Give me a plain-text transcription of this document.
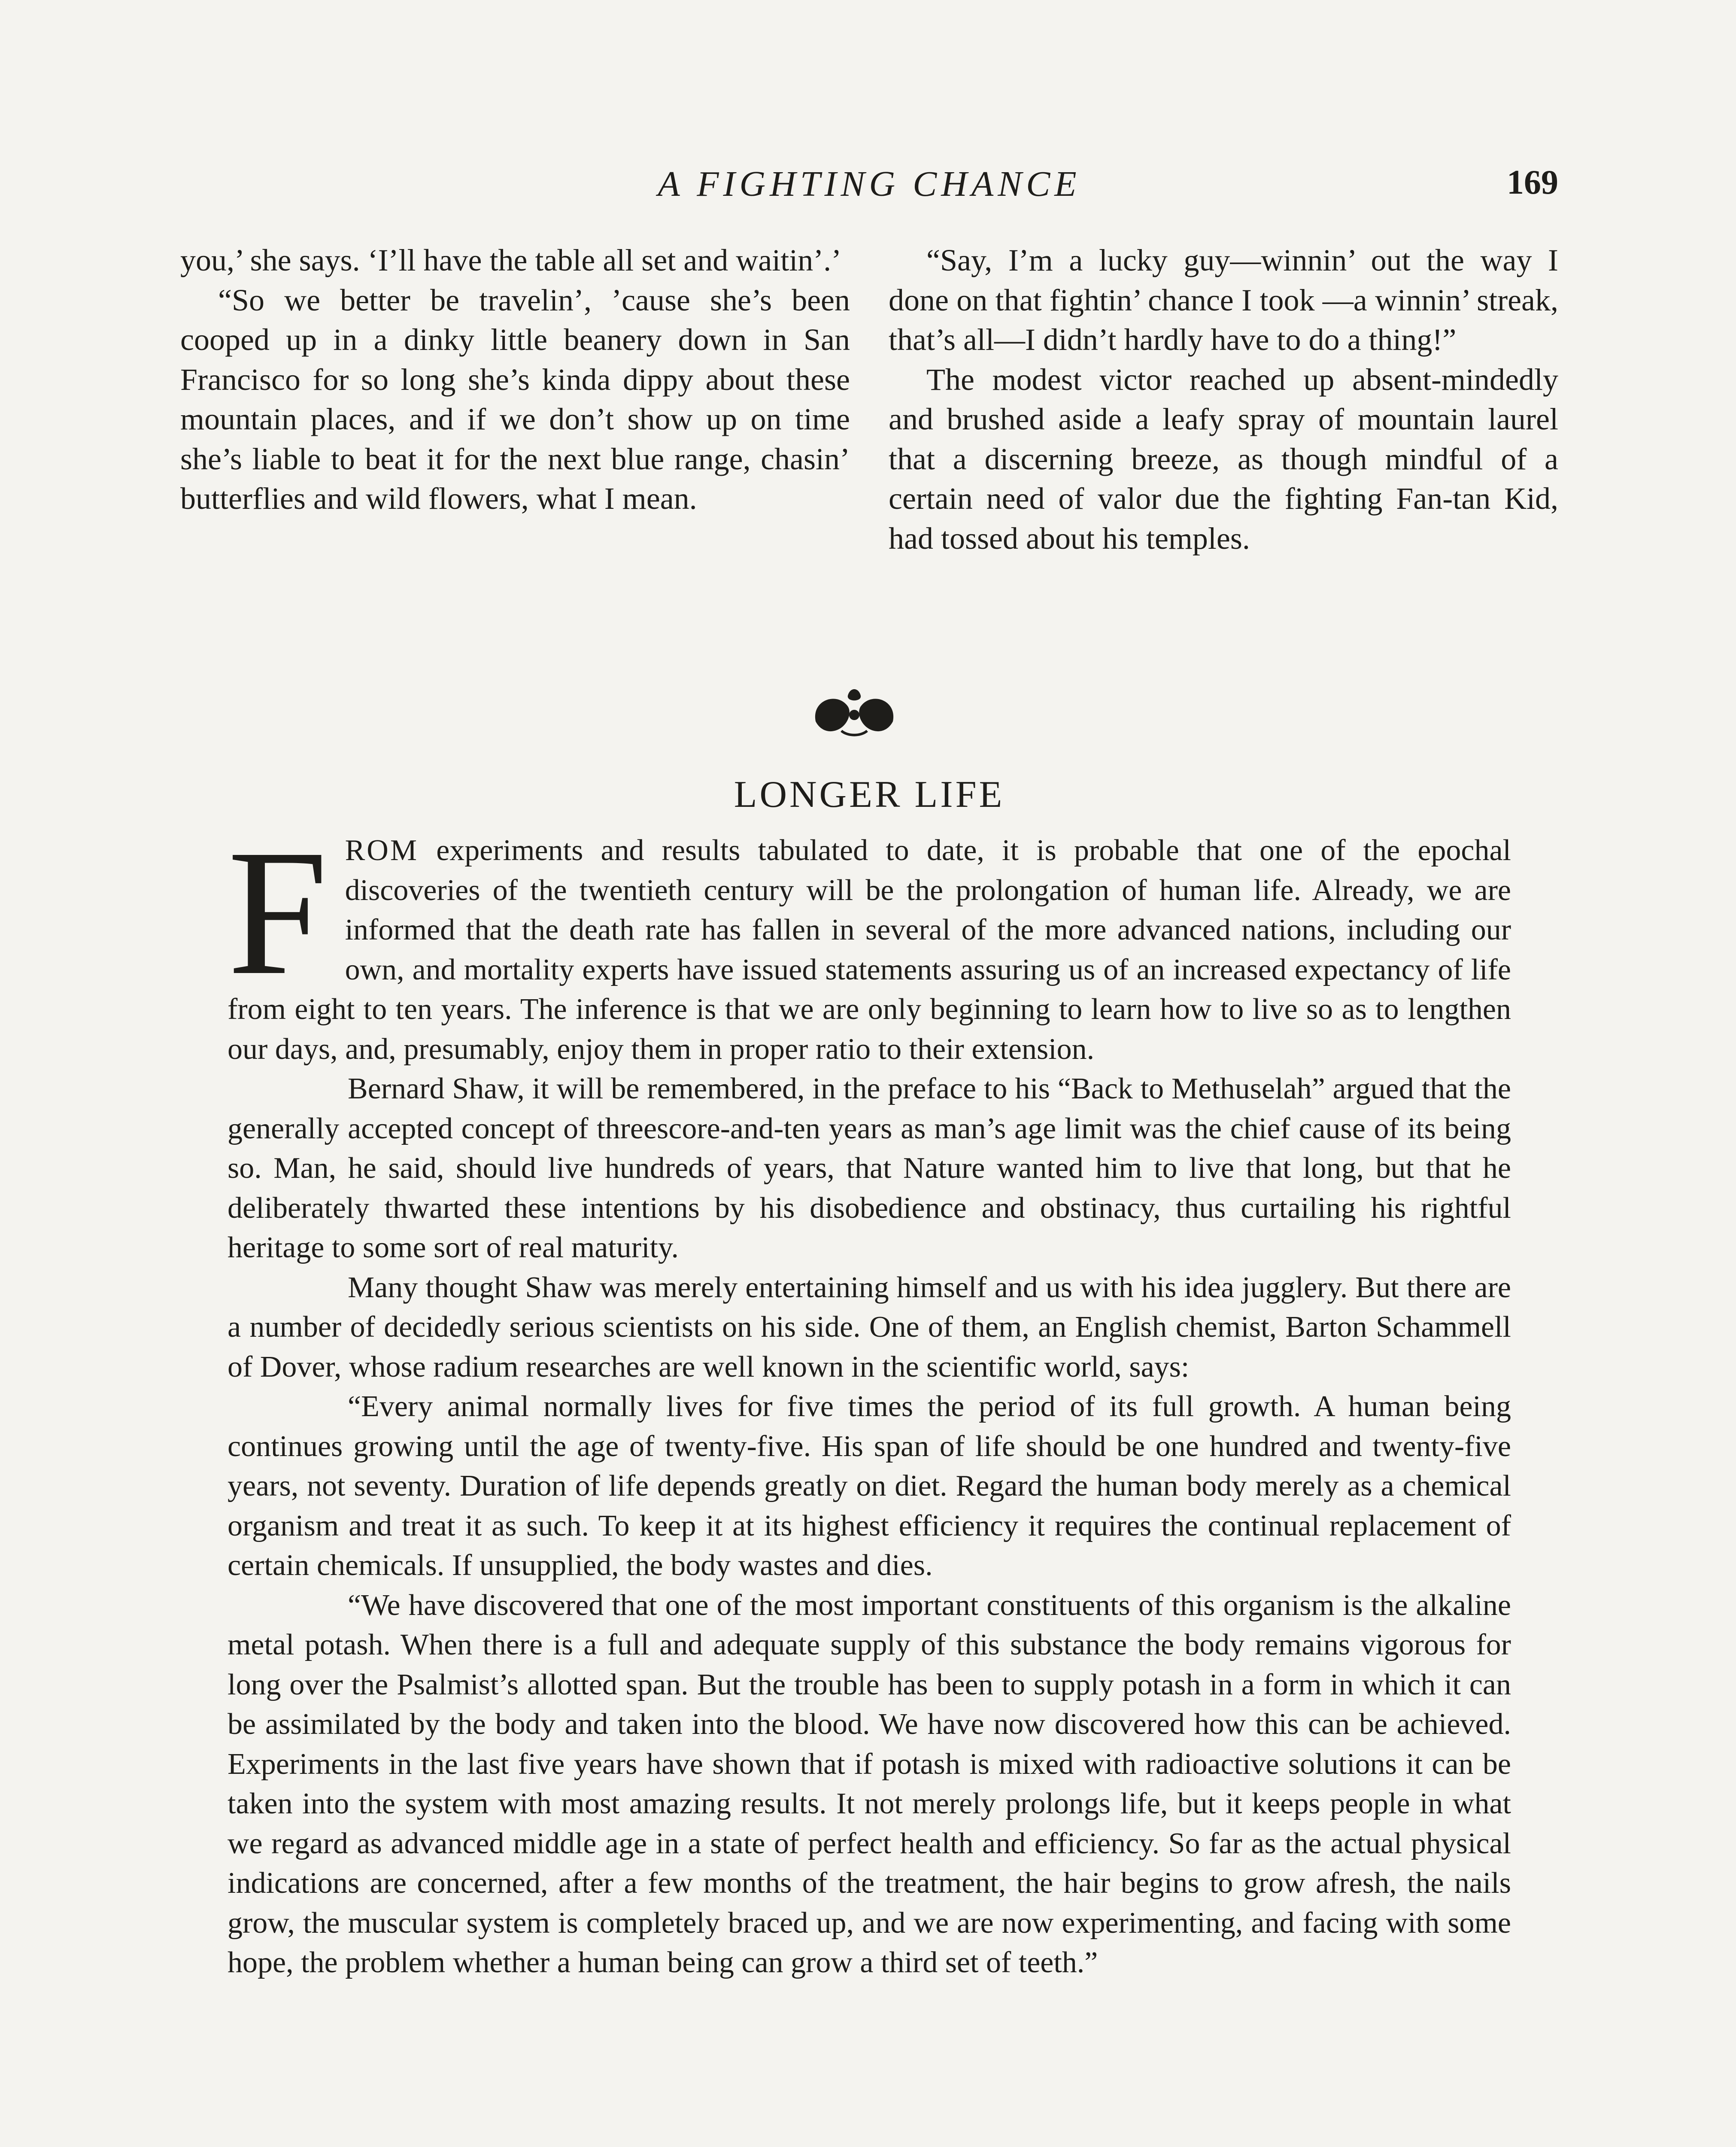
A FIGHTING CHANCE	169

you,’ she says. ‘I’ll have the table all set and waitin’.’

“So we better be travelin’, ’cause she’s been cooped up in a dinky little beanery down in San Francisco for so long she’s kinda dippy about these mountain places, and if we don’t show up on time she’s liable to beat it for the next blue range, chasin’ butterflies and wild flowers, what I mean.

“Say, I’m a lucky guy—winnin’ out the way I done on that fightin’ chance I took —a winnin’ streak, that’s all—I didn’t hardly have to do a thing!”

The modest victor reached up absent-mindedly and brushed aside a leafy spray of mountain laurel that a discerning breeze, as though mindful of a certain need of valor due the fighting Fan-tan Kid, had tossed about his temples.

LONGER LIFE

FROM experiments and results tabulated to date, it is probable that one of the epochal discoveries of the twentieth century will be the prolongation of human life. Already, we are informed that the death rate has fallen in several of the more advanced nations, including our own, and mortality experts have issued statements assuring us of an increased expectancy of life from eight to ten years. The inference is that we are only beginning to learn how to live so as to lengthen our days, and, presumably, enjoy them in proper ratio to their extension.

Bernard Shaw, it will be remembered, in the preface to his “Back to Methuselah” argued that the generally accepted concept of threescore-and-ten years as man’s age limit was the chief cause of its being so. Man, he said, should live hundreds of years, that Nature wanted him to live that long, but that he deliberately thwarted these intentions by his disobedience and obstinacy, thus curtailing his rightful heritage to some sort of real maturity.

Many thought Shaw was merely entertaining himself and us with his idea jugglery. But there are a number of decidedly serious scientists on his side. One of them, an English chemist, Barton Schammell of Dover, whose radium researches are well known in the scientific world, says:

“Every animal normally lives for five times the period of its full growth. A human being continues growing until the age of twenty-five. His span of life should be one hundred and twenty-five years, not seventy. Duration of life depends greatly on diet. Regard the human body merely as a chemical organism and treat it as such. To keep it at its highest efficiency it requires the continual replacement of certain chemicals. If unsupplied, the body wastes and dies.

“We have discovered that one of the most important constituents of this organism is the alkaline metal potash. When there is a full and adequate supply of this substance the body remains vigorous for long over the Psalmist’s allotted span. But the trouble has been to supply potash in a form in which it can be assimilated by the body and taken into the blood. We have now discovered how this can be achieved. Experiments in the last five years have shown that if potash is mixed with radioactive solutions it can be taken into the system with most amazing results. It not merely prolongs life, but it keeps people in what we regard as advanced middle age in a state of perfect health and efficiency. So far as the actual physical indications are concerned, after a few months of the treatment, the hair begins to grow afresh, the nails grow, the muscular system is completely braced up, and we are now experimenting, and facing with some hope, the problem whether a human being can grow a third set of teeth.”
